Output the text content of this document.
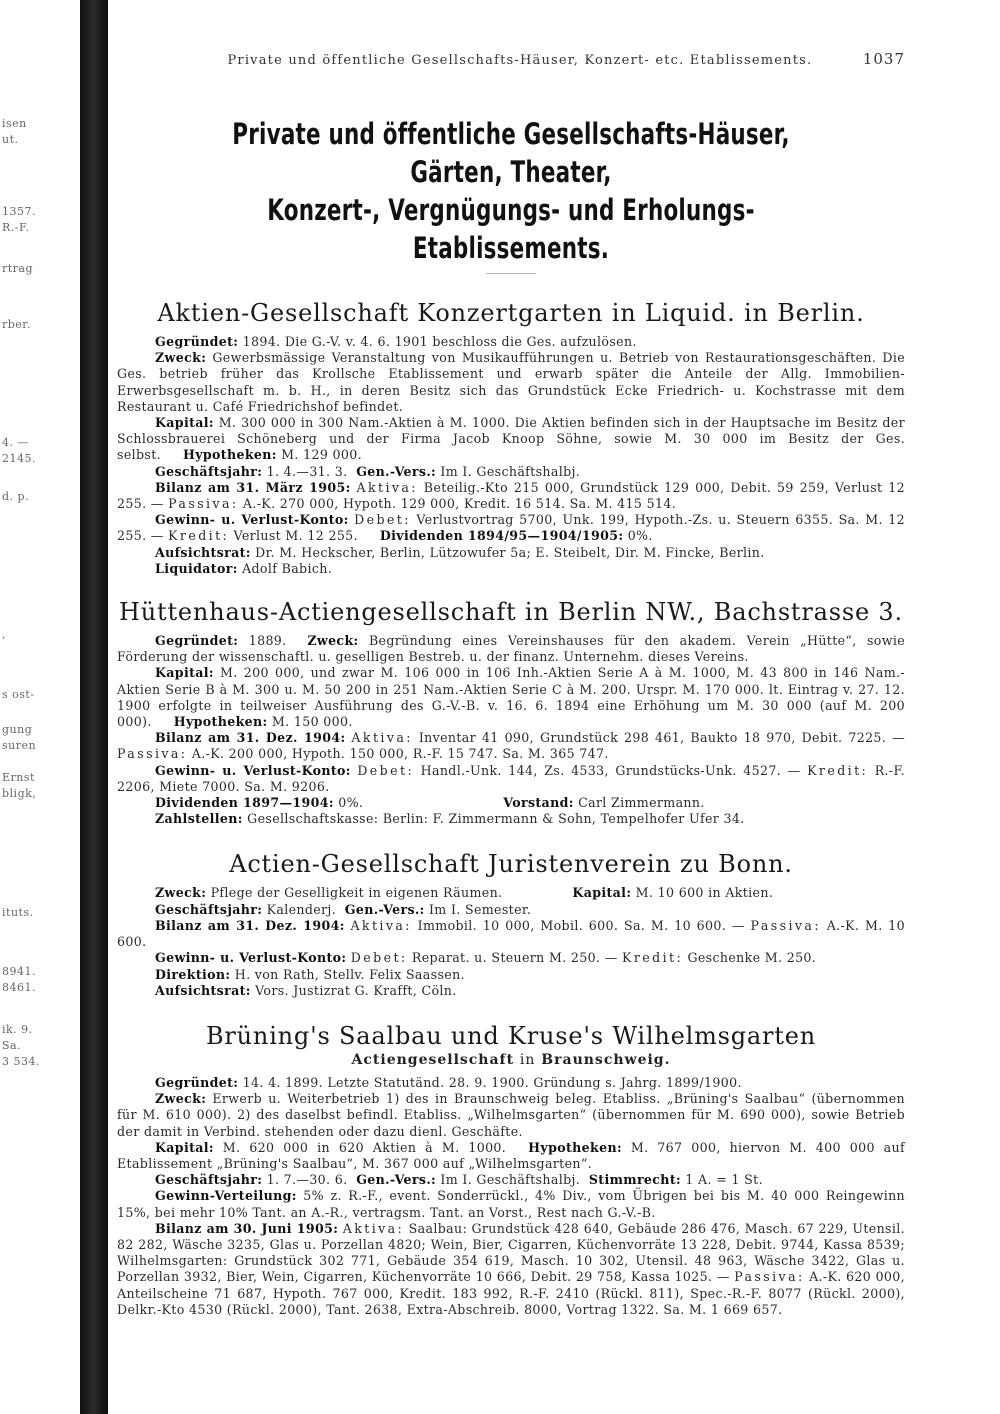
isen
ut.
1357.
R.-F.
rtrag
rber.
4. —
2145.
d. p.
,
s ost-
gung
suren
Ernst
bligk,
ituts.
8941.
8461.
ik. 9.
Sa.
3 534.
Private und öffentliche Gesellschafts-Häuser, Konzert- etc. Etablissements.	1037
Private und öffentliche Gesellschafts-Häuser, Gärten, Theater,
Konzert-, Vergnügungs- und Erholungs-Etablissements.
Aktien-Gesellschaft Konzertgarten in Liquid. in Berlin.

Gegründet: 1894. Die G.-V. v. 4. 6. 1901 beschloss die Ges. aufzulösen.

Zweck: Gewerbsmässige Veranstaltung von Musikaufführungen u. Betrieb von Restaurationsgeschäften. Die Ges. betrieb früher das Krollsche Etablissement und erwarb später die Anteile der Allg. Immobilien-Erwerbsgesellschaft m. b. H., in deren Besitz sich das Grundstück Ecke Friedrich- u. Kochstrasse mit dem Restaurant u. Café Friedrichshof befindet.

Kapital: M. 300 000 in 300 Nam.-Aktien à M. 1000. Die Aktien befinden sich in der Hauptsache im Besitz der Schlossbrauerei Schöneberg und der Firma Jacob Knoop Söhne, sowie M. 30 000 im Besitz der Ges. selbst. Hypotheken: M. 129 000.

Geschäftsjahr: 1. 4.—31. 3. Gen.-Vers.: Im I. Geschäftshalbj.

Bilanz am 31. März 1905: Aktiva: Beteilig.-Kto 215 000, Grundstück 129 000, Debit. 59 259, Verlust 12 255. — Passiva: A.-K. 270 000, Hypoth. 129 000, Kredit. 16 514. Sa. M. 415 514.

Gewinn- u. Verlust-Konto: Debet: Verlustvortrag 5700, Unk. 199, Hypoth.-Zs. u. Steuern 6355. Sa. M. 12 255. — Kredit: Verlust M. 12 255. Dividenden 1894/95—1904/1905: 0%.

Aufsichtsrat: Dr. M. Heckscher, Berlin, Lützowufer 5a; E. Steibelt, Dir. M. Fincke, Berlin.

Liquidator: Adolf Babich.

Hüttenhaus-Actiengesellschaft in Berlin NW., Bachstrasse 3.

Gegründet: 1889. Zweck: Begründung eines Vereinshauses für den akadem. Verein „Hütte“, sowie Förderung der wissenschaftl. u. geselligen Bestreb. u. der finanz. Unternehm. dieses Vereins.

Kapital: M. 200 000, und zwar M. 106 000 in 106 Inh.-Aktien Serie A à M. 1000, M. 43 800 in 146 Nam.-Aktien Serie B à M. 300 u. M. 50 200 in 251 Nam.-Aktien Serie C à M. 200. Urspr. M. 170 000. lt. Eintrag v. 27. 12. 1900 erfolgte in teilweiser Ausführung des G.-V.-B. v. 16. 6. 1894 eine Erhöhung um M. 30 000 (auf M. 200 000). Hypotheken: M. 150 000.

Bilanz am 31. Dez. 1904: Aktiva: Inventar 41 090, Grundstück 298 461, Baukto 18 970, Debit. 7225. — Passiva: A.-K. 200 000, Hypoth. 150 000, R.-F. 15 747. Sa. M. 365 747.

Gewinn- u. Verlust-Konto: Debet: Handl.-Unk. 144, Zs. 4533, Grundstücks-Unk. 4527. — Kredit: R.-F. 2206, Miete 7000. Sa. M. 9206.

Dividenden 1897—1904: 0%.	Vorstand: Carl Zimmermann.

Zahlstellen: Gesellschaftskasse: Berlin: F. Zimmermann & Sohn, Tempelhofer Ufer 34.

Actien-Gesellschaft Juristenverein zu Bonn.

Zweck: Pflege der Geselligkeit in eigenen Räumen.	Kapital: M. 10 600 in Aktien.

Geschäftsjahr: Kalenderj. Gen.-Vers.: Im I. Semester.

Bilanz am 31. Dez. 1904: Aktiva: Immobil. 10 000, Mobil. 600. Sa. M. 10 600. — Passiva: A.-K. M. 10 600.

Gewinn- u. Verlust-Konto: Debet: Reparat. u. Steuern M. 250. — Kredit: Geschenke M. 250.

Direktion: H. von Rath, Stellv. Felix Saassen.

Aufsichtsrat: Vors. Justizrat G. Krafft, Cöln.

Brüning's Saalbau und Kruse's Wilhelmsgarten
Actiengesellschaft in Braunschweig.

Gegründet: 14. 4. 1899. Letzte Statutänd. 28. 9. 1900. Gründung s. Jahrg. 1899/1900.

Zweck: Erwerb u. Weiterbetrieb 1) des in Braunschweig beleg. Etabliss. „Brüning's Saalbau“ (übernommen für M. 610 000). 2) des daselbst befindl. Etabliss. „Wilhelmsgarten“ (übernommen für M. 690 000), sowie Betrieb der damit in Verbind. stehenden oder dazu dienl. Geschäfte.

Kapital: M. 620 000 in 620 Aktien à M. 1000. Hypotheken: M. 767 000, hiervon M. 400 000 auf Etablissement „Brüning's Saalbau“, M. 367 000 auf „Wilhelmsgarten“.

Geschäftsjahr: 1. 7.—30. 6. Gen.-Vers.: Im I. Geschäftshalbj. Stimmrecht: 1 A. = 1 St.

Gewinn-Verteilung: 5% z. R.-F., event. Sonderrückl., 4% Div., vom Übrigen bei bis M. 40 000 Reingewinn 15%, bei mehr 10% Tant. an A.-R., vertragsm. Tant. an Vorst., Rest nach G.-V.-B.

Bilanz am 30. Juni 1905: Aktiva: Saalbau: Grundstück 428 640, Gebäude 286 476, Masch. 67 229, Utensil. 82 282, Wäsche 3235, Glas u. Porzellan 4820; Wein, Bier, Cigarren, Küchenvorräte 13 228, Debit. 9744, Kassa 8539; Wilhelmsgarten: Grundstück 302 771, Gebäude 354 619, Masch. 10 302, Utensil. 48 963, Wäsche 3422, Glas u. Porzellan 3932, Bier, Wein, Cigarren, Küchenvorräte 10 666, Debit. 29 758, Kassa 1025. — Passiva: A.-K. 620 000, Anteilscheine 71 687, Hypoth. 767 000, Kredit. 183 992, R.-F. 2410 (Rückl. 811), Spec.-R.-F. 8077 (Rückl. 2000), Delkr.-Kto 4530 (Rückl. 2000), Tant. 2638, Extra-Abschreib. 8000, Vortrag 1322. Sa. M. 1 669 657.
